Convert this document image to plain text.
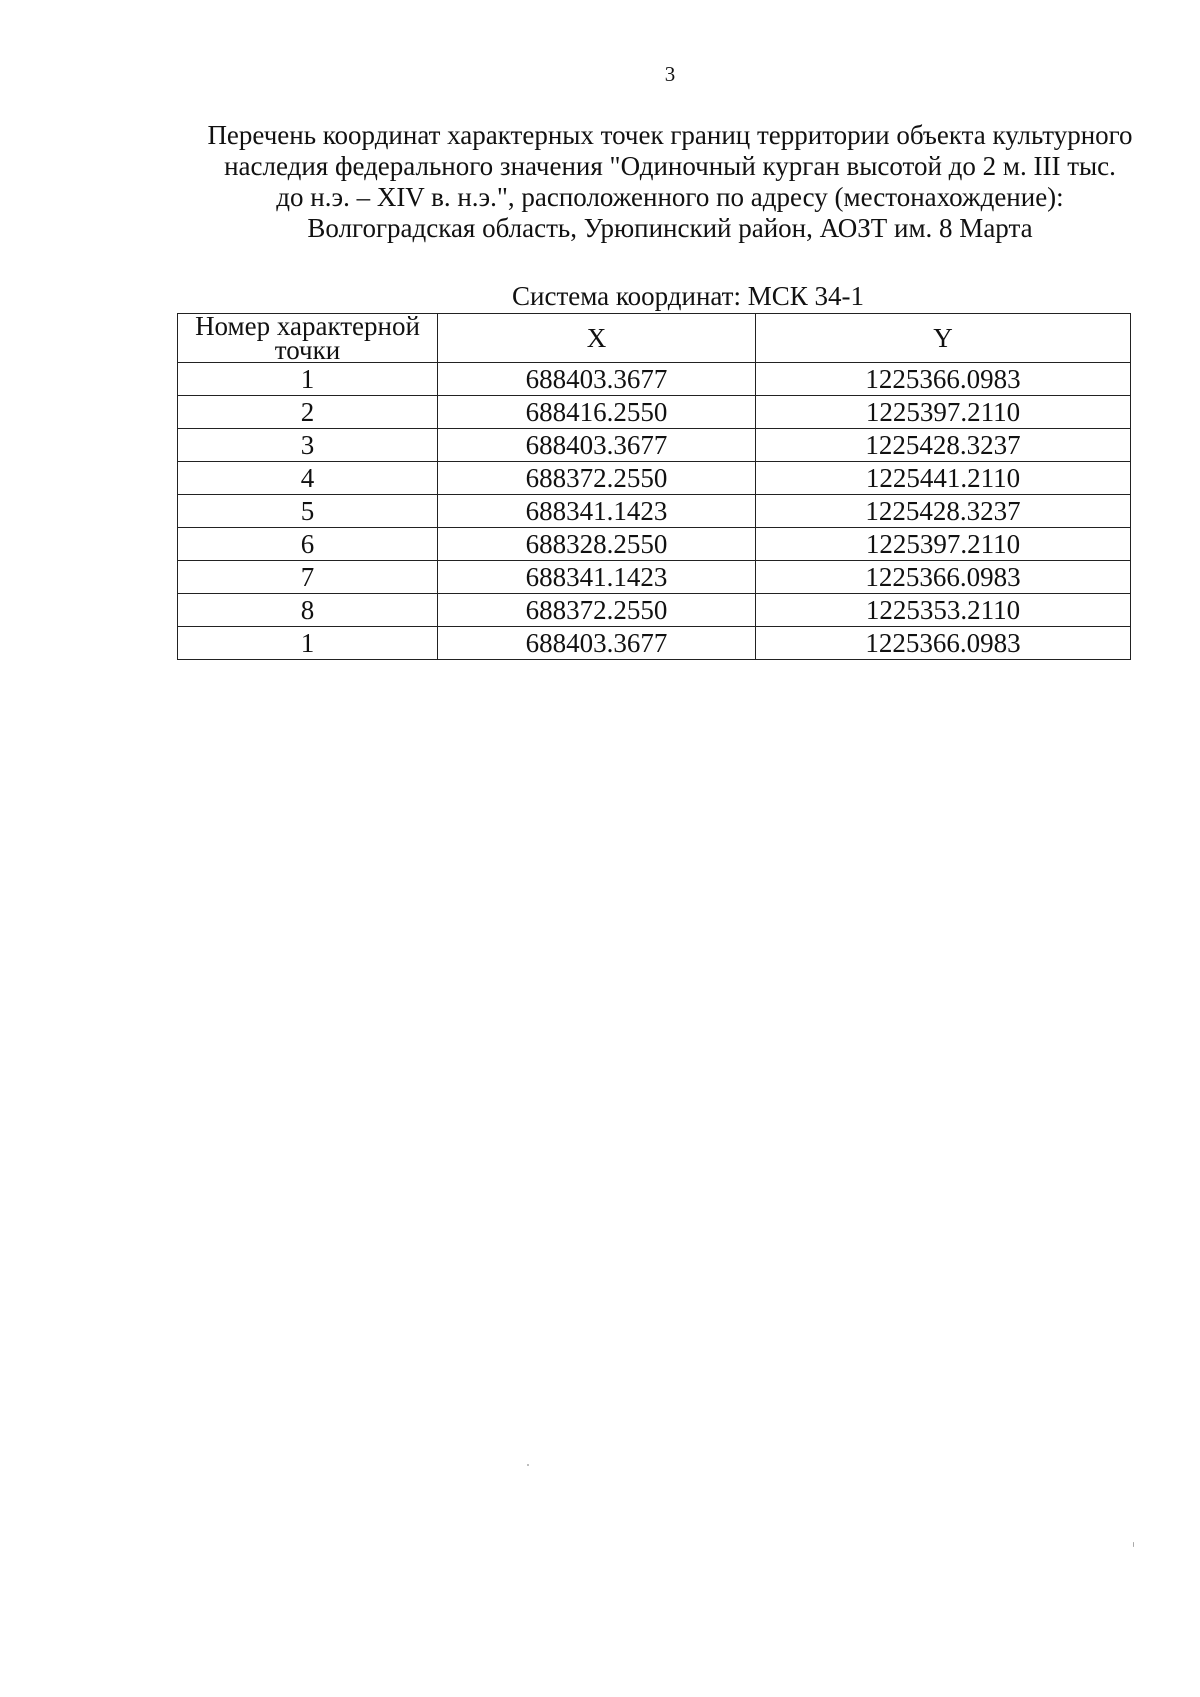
3
Перечень координат характерных точек границ территории объекта культурного
наследия федерального значения "Одиночный курган высотой до 2 м. III тыс.
до н.э. – XIV в. н.э.", расположенного по адресу (местонахождение):
Волгоградская область, Урюпинский район, АОЗТ им. 8 Марта
Система координат: МСК 34-1
Номер характерной точки	X	Y
1	688403.3677	1225366.0983
2	688416.2550	1225397.2110
3	688403.3677	1225428.3237
4	688372.2550	1225441.2110
5	688341.1423	1225428.3237
6	688328.2550	1225397.2110
7	688341.1423	1225366.0983
8	688372.2550	1225353.2110
1	688403.3677	1225366.0983
